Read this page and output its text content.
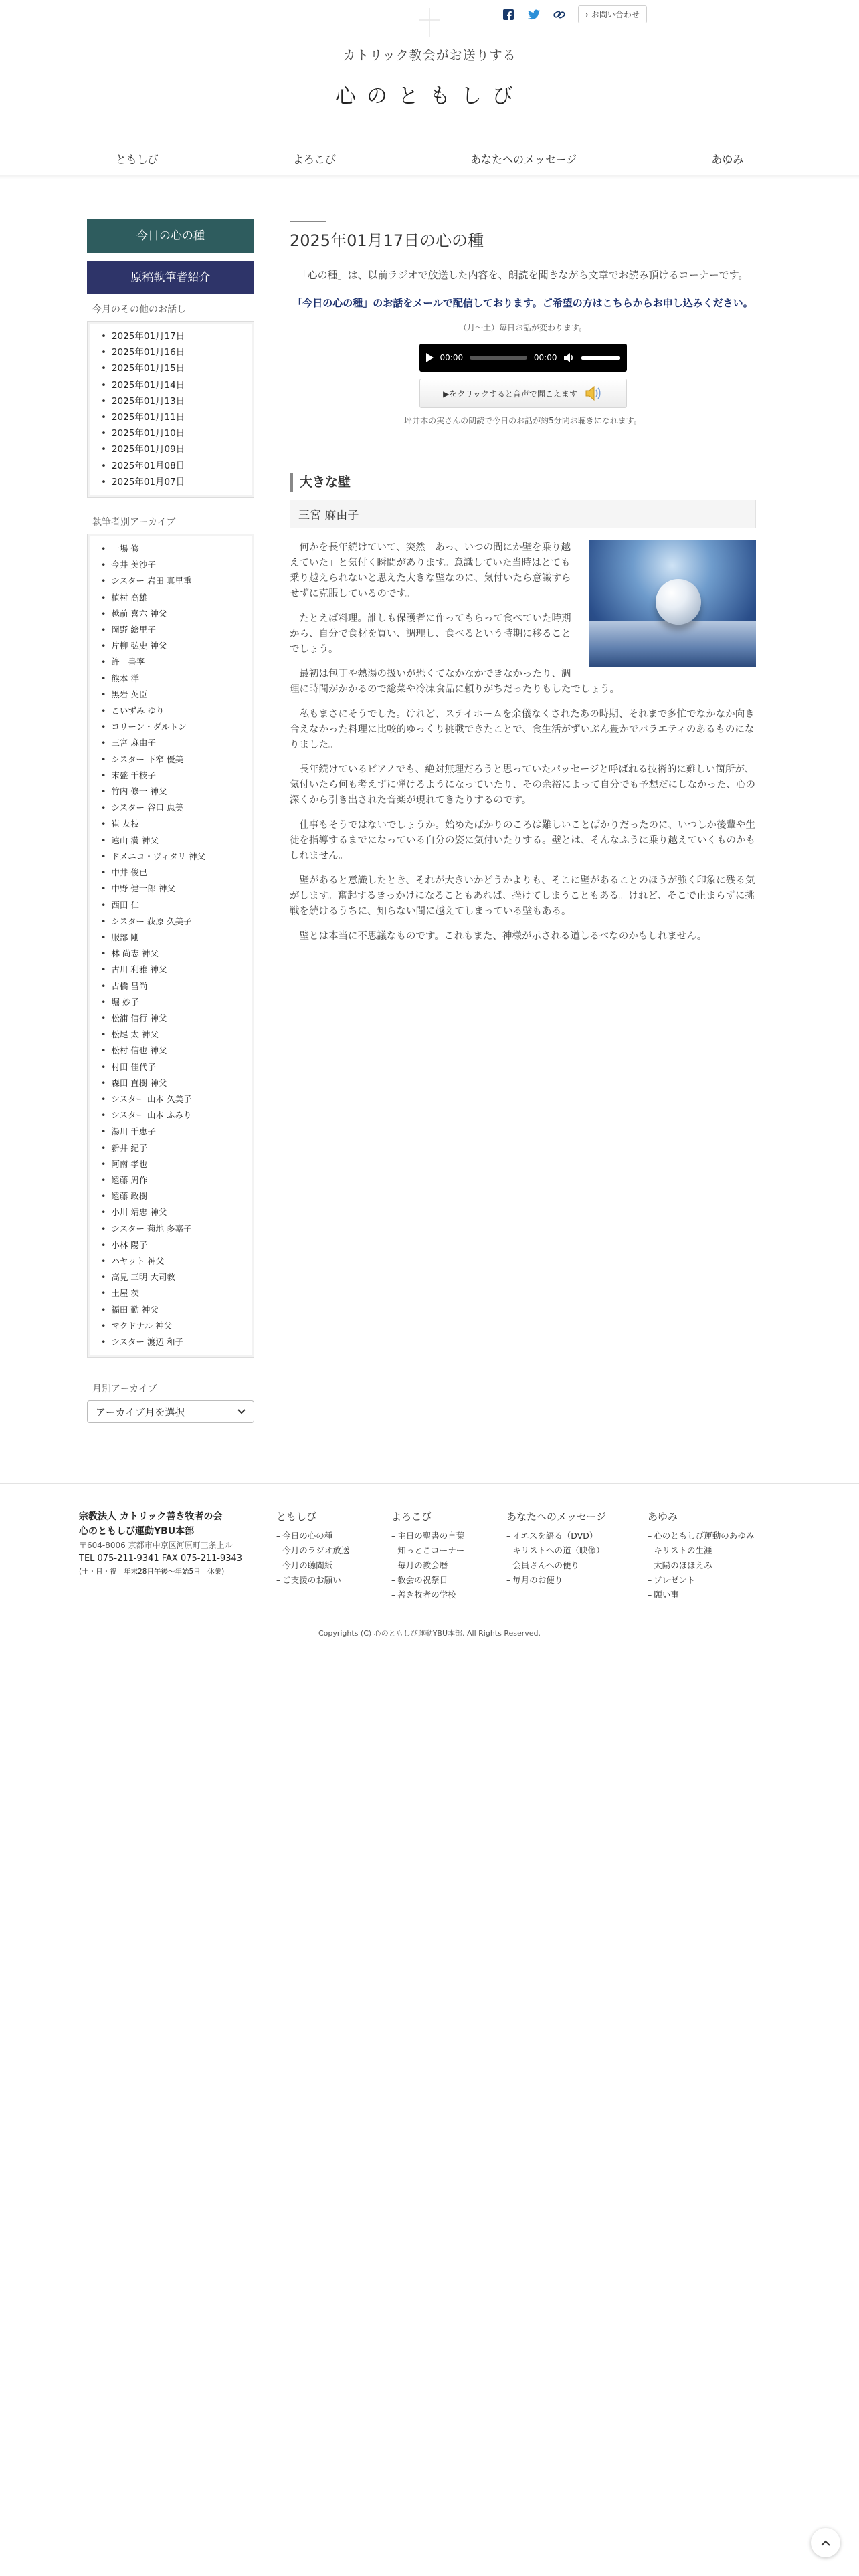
カトリック教会がお送りする
心のともしび
› お問い合わせ
ともしび	よろこび	あなたへのメッセージ	あゆみ
今日の心の種
原稿執筆者紹介
今月のその他のお話し
• 2025年01月17日
• 2025年01月16日
• 2025年01月15日
• 2025年01月14日
• 2025年01月13日
• 2025年01月11日
• 2025年01月10日
• 2025年01月09日
• 2025年01月08日
• 2025年01月07日
執筆者別アーカイブ
• 一場 修
• 今井 美沙子
• シスター 岩田 真里重
• 植村 高雄
• 越前 喜六 神父
• 岡野 絵里子
• 片柳 弘史 神父
• 許　書寧
• 熊本 洋
• 黒岩 英臣
• こいずみ ゆり
• コリーン・ダルトン
• 三宮 麻由子
• シスター 下窄 優美
• 末盛 千枝子
• 竹内 修一 神父
• シスター 谷口 恵美
• 崔 友枝
• 遠山 満 神父
• ドメニコ・ヴィタリ 神父
• 中井 俊已
• 中野 健一郎 神父
• 西田 仁
• シスター 荻原 久美子
• 服部 剛
• 林 尚志 神父
• 古川 利雅 神父
• 古橋 昌尚
• 堀 妙子
• 松浦 信行 神父
• 松尾 太 神父
• 松村 信也 神父
• 村田 佳代子
• 森田 直樹 神父
• シスター 山本 久美子
• シスター 山本 ふみり
• 湯川 千恵子
• 新井 紀子
• 阿南 孝也
• 遠藤 周作
• 遠藤 政樹
• 小川 靖忠 神父
• シスター 菊地 多嘉子
• 小林 陽子
• ハヤット 神父
• 高見 三明 大司教
• 土屋 茨
• 福田 勤 神父
• マクドナル 神父
• シスター 渡辺 和子
月別アーカイブ
アーカイブ月を選択
2025年01月17日の心の種

「心の種」は、以前ラジオで放送した内容を、朗読を聞きながら文章でお読み頂けるコーナーです。

「今日の心の種」のお話をメールで配信しております。ご希望の方はこちらからお申し込みください。

（月〜土）毎日お話が変わります。

00:00	00:00
▶をクリックすると音声で聞こえます

坪井木の実さんの朗読で今日のお話が約5分間お聴きになれます。

大きな壁
三宮 麻由子

何かを長年続けていて、突然「あっ、いつの間にか壁を乗り越えていた」と気付く瞬間があります。意識していた当時はとても乗り越えられないと思えた大きな壁なのに、気付いたら意識すらせずに克服しているのです。

たとえば料理。誰しも保護者に作ってもらって食べていた時期から、自分で食材を買い、調理し、食べるという時期に移ることでしょう。

最初は包丁や熱湯の扱いが恐くてなかなかできなかったり、調理に時間がかかるので総菜や冷凍食品に頼りがちだったりもしたでしょう。

私もまさにそうでした。けれど、ステイホームを余儀なくされたあの時期、それまで多忙でなかなか向き合えなかった料理に比較的ゆっくり挑戦できたことで、食生活がずいぶん豊かでバラエティのあるものになりました。

長年続けているピアノでも、絶対無理だろうと思っていたパッセージと呼ばれる技術的に難しい箇所が、気付いたら何も考えずに弾けるようになっていたり、その余裕によって自分でも予想だにしなかった、心の深くから引き出された音楽が現れてきたりするのです。

仕事もそうではないでしょうか。始めたばかりのころは難しいことばかりだったのに、いつしか後輩や生徒を指導するまでになっている自分の姿に気付いたりする。壁とは、そんなふうに乗り越えていくものかもしれません。

壁があると意識したとき、それが大きいかどうかよりも、そこに壁があることのほうが強く印象に残る気がします。奮起するきっかけになることもあれば、挫けてしまうこともある。けれど、そこで止まらずに挑戦を続けるうちに、知らない間に越えてしまっている壁もある。

壁とは本当に不思議なものです。これもまた、神様が示される道しるべなのかもしれません。

宗教法人 カトリック善き牧者の会
心のともしび運動YBU本部
〒604-8006 京都市中京区河原町三条上ル
TEL 075-211-9341 FAX 075-211-9343
(土・日・祝　年末28日午後〜年始5日　休業)
ともしび
– 今日の心の種
– 今月のラジオ放送
– 今月の聴聞紙
– ご支援のお願い
よろこび
– 主日の聖書の言葉
– 知っとこコーナー
– 毎月の教会暦
– 教会の祝祭日
– 善き牧者の学校
あなたへのメッセージ
– イエスを語る（DVD）
– キリストへの道（映像）
– 会員さんへの便り
– 毎月のお便り
あゆみ
– 心のともしび運動のあゆみ
– キリストの生涯
– 太陽のほほえみ
– プレゼント
– 願い事
Copyrights (C) 心のともしび運動YBU本部. All Rights Reserved.
